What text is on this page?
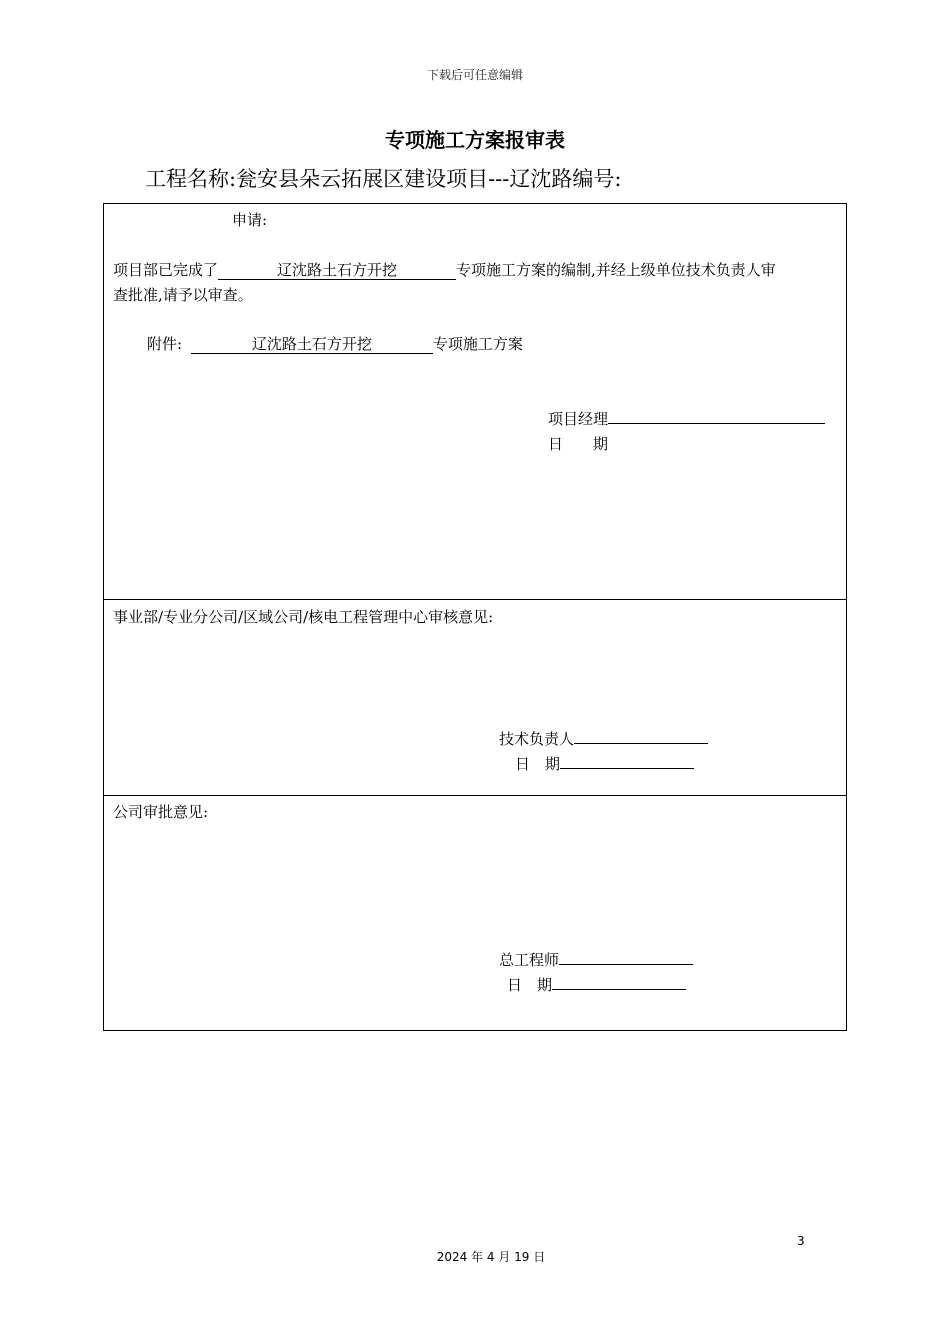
下载后可任意编辑
专项施工方案报审表
工程名称:瓮安县朵云拓展区建设项目---辽沈路编号:
申请:
项目部已完成了	辽沈路土石方开挖	专项施工方案的编制,并经上级单位技术负责人审
查批准,请予以审查。
附件:	辽沈路土石方开挖	专项施工方案
项目经理
日　　期
事业部/专业分公司/区域公司/核电工程管理中心审核意见:
技术负责人
日　期
公司审批意见:
总工程师
日　期
3
2024 年 4 月 19 日
